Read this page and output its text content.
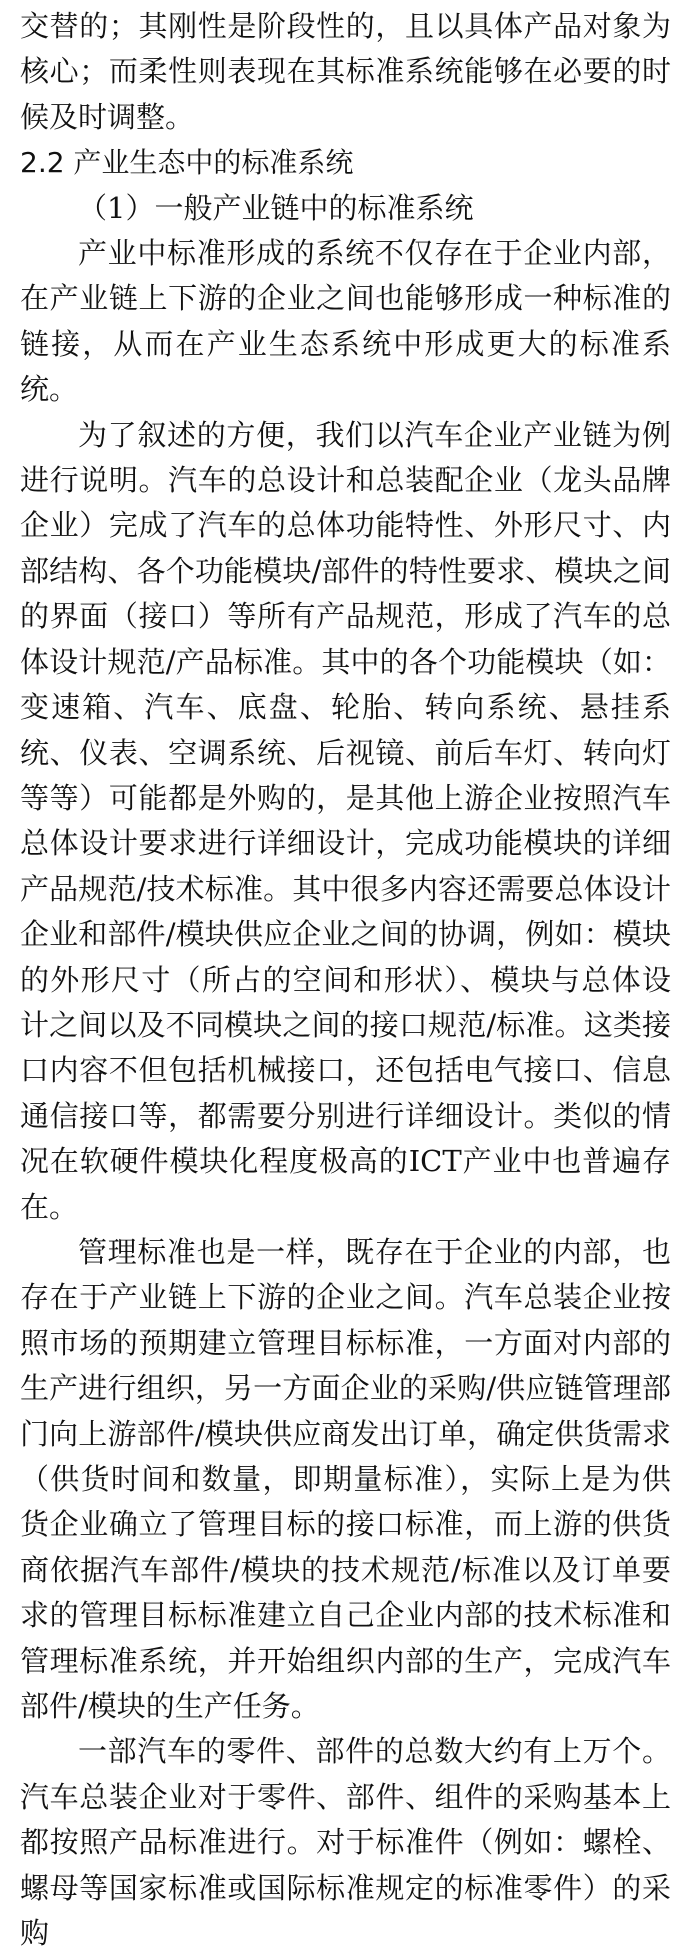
交替的；其刚性是阶段性的，且以具体产品对象为核心；而柔性则表现在其标准系统能够在必要的时候及时调整。

2.2 产业生态中的标准系统

（1）一般产业链中的标准系统

产业中标准形成的系统不仅存在于企业内部，在产业链上下游的企业之间也能够形成一种标准的链接，从而在产业生态系统中形成更大的标准系统。

为了叙述的方便，我们以汽车企业产业链为例进行说明。汽车的总设计和总装配企业（龙头品牌企业）完成了汽车的总体功能特性、外形尺寸、内部结构、各个功能模块/部件的特性要求、模块之间的界面（接口）等所有产品规范，形成了汽车的总体设计规范/产品标准。其中的各个功能模块（如：变速箱、汽车、底盘、轮胎、转向系统、悬挂系统、仪表、空调系统、后视镜、前后车灯、转向灯等等）可能都是外购的，是其他上游企业按照汽车总体设计要求进行详细设计，完成功能模块的详细产品规范/技术标准。其中很多内容还需要总体设计企业和部件/模块供应企业之间的协调，例如：模块的外形尺寸（所占的空间和形状）、模块与总体设计之间以及不同模块之间的接口规范/标准。这类接口内容不但包括机械接口，还包括电气接口、信息通信接口等，都需要分别进行详细设计。类似的情况在软硬件模块化程度极高的ICT产业中也普遍存在。

管理标准也是一样，既存在于企业的内部，也存在于产业链上下游的企业之间。汽车总装企业按照市场的预期建立管理目标标准，一方面对内部的生产进行组织，另一方面企业的采购/供应链管理部门向上游部件/模块供应商发出订单，确定供货需求（供货时间和数量，即期量标准），实际上是为供货企业确立了管理目标的接口标准，而上游的供货商依据汽车部件/模块的技术规范/标准以及订单要求的管理目标标准建立自己企业内部的技术标准和管理标准系统，并开始组织内部的生产，完成汽车部件/模块的生产任务。

一部汽车的零件、部件的总数大约有上万个。汽车总装企业对于零件、部件、组件的采购基本上都按照产品标准进行。对于标准件（例如：螺栓、螺母等国家标准或国际标准规定的标准零件）的采购
